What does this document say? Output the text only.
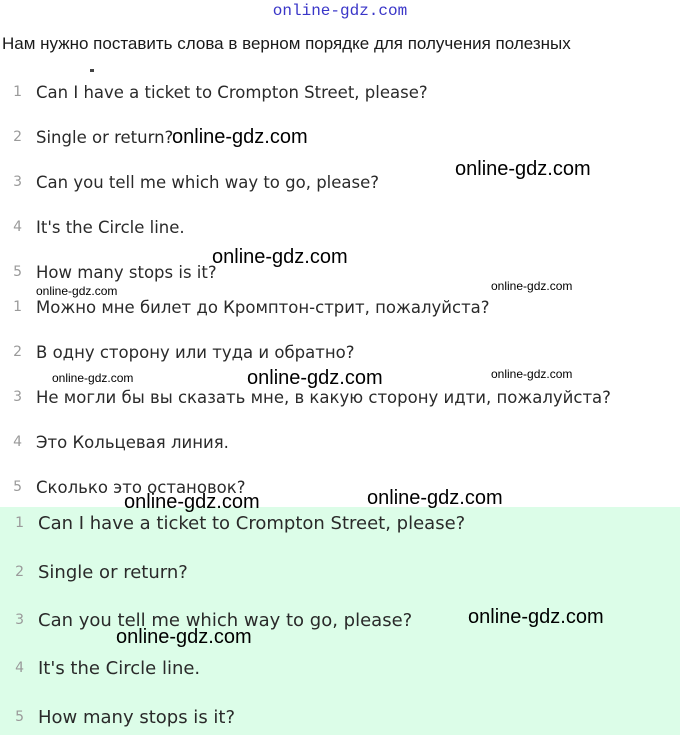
online-gdz.com
Нам нужно поставить слова в верном порядке для получения полезных
1 Can I have a ticket to Crompton Street, please?
2 Single or return?
3 Can you tell me which way to go, please?
4 It's the Circle line.
5 How many stops is it?
1 Можно мне билет до Кромптон-стрит, пожалуйста?
2 В одну сторону или туда и обратно?
3 Не могли бы вы сказать мне, в какую сторону идти, пожалуйста?
4 Это Кольцевая линия.
5 Сколько это остановок?
1 Can I have a ticket to Crompton Street, please?
2 Single or return?
3 Can you tell me which way to go, please?
4 It's the Circle line.
5 How many stops is it?
online-gdz.com
online-gdz.com
online-gdz.com
online-gdz.com	online-gdz.com
online-gdz.com	online-gdz.com	online-gdz.com
online-gdz.com	online-gdz.com
online-gdz.com
online-gdz.com
